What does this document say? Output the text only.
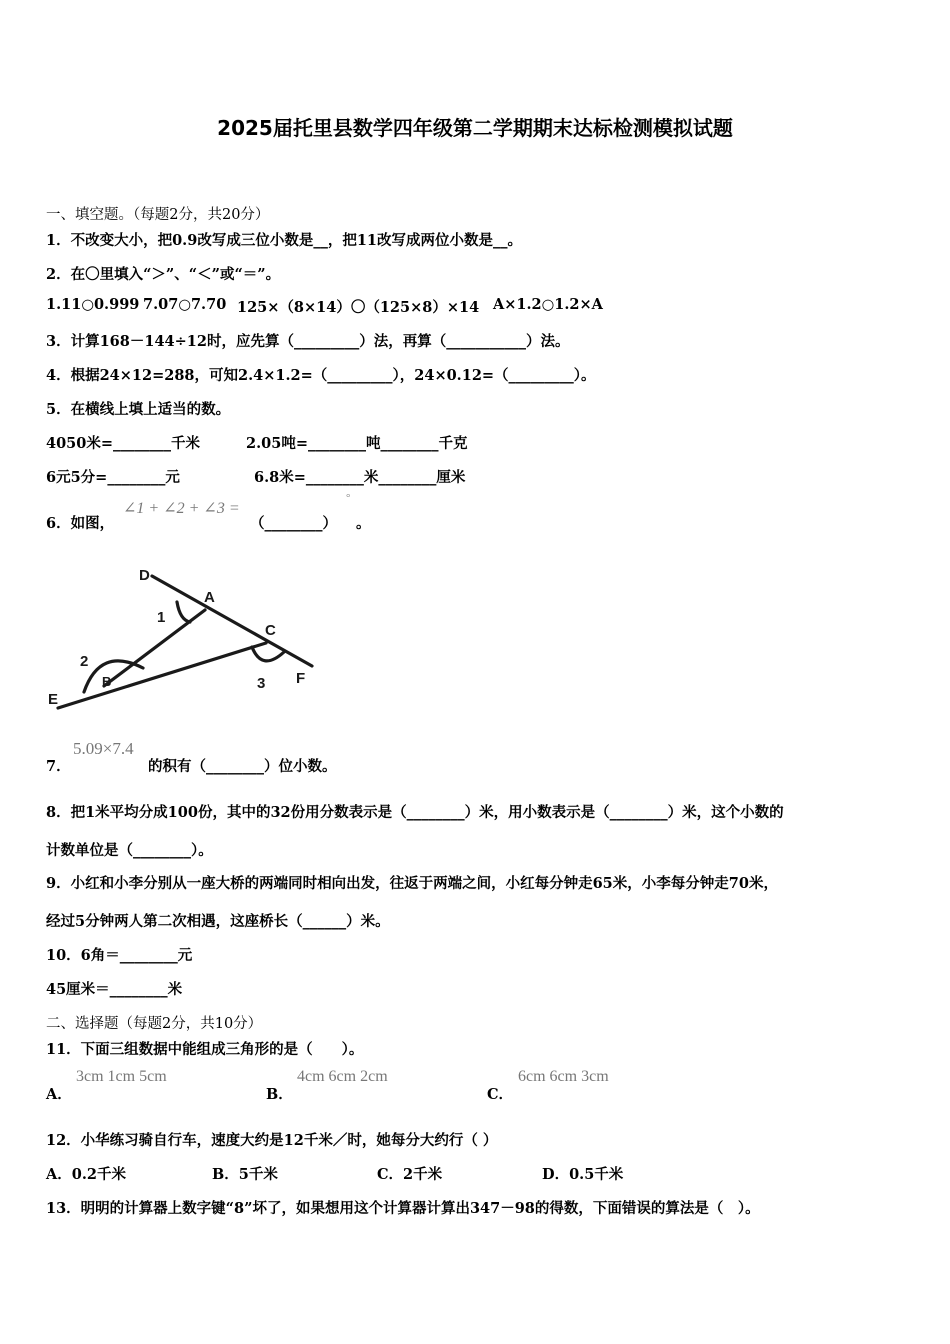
2025届托里县数学四年级第二学期期末达标检测模拟试题
一、填空题。（每题2分，共20分）
1．不改变大小，把0.9改写成三位小数是__，把11改写成两位小数是__。
2．在〇里填入“＞”、“＜”或“＝”。
1.11○0.999 7.07○7.70 125×（8×14）〇（125×8）×14 A×1.2○1.2×A
3．计算168－144÷12时，应先算（_________）法，再算（___________）法。
4．根据24×12=288，可知2.4×1.2=（_________），24×0.12=（_________）。
5．在横线上填上适当的数。
4050米=________千米	2.05吨=________吨________千克
6元5分=________元	6.8米=________米________厘米
6．如图，
∠1 + ∠2 + ∠3 =
°
（________） 。
D
A
C
F
B
E
1
2
3
7．
5.09×7.4
的积有（________）位小数。
8．把1米平均分成100份，其中的32份用分数表示是（________）米，用小数表示是（________）米，这个小数的
计数单位是（________）。
9．小红和小李分别从一座大桥的两端同时相向出发，往返于两端之间，小红每分钟走65米，小李每分钟走70米，
经过5分钟两人第二次相遇，这座桥长（______）米。
10．6角＝________元
45厘米＝________米
二、选择题（每题2分，共10分）
11．下面三组数据中能组成三角形的是（　　）。
A．
3cm 1cm 5cm
B．
4cm 6cm 2cm
C．
6cm 6cm 3cm
12．小华练习骑自行车，速度大约是12千米／时，她每分大约行（ ）
A．0.2千米	B．5千米	C．2千米	D．0.5千米
13．明明的计算器上数字键“8”坏了，如果想用这个计算器计算出347－98的得数，下面错误的算法是（　）。
